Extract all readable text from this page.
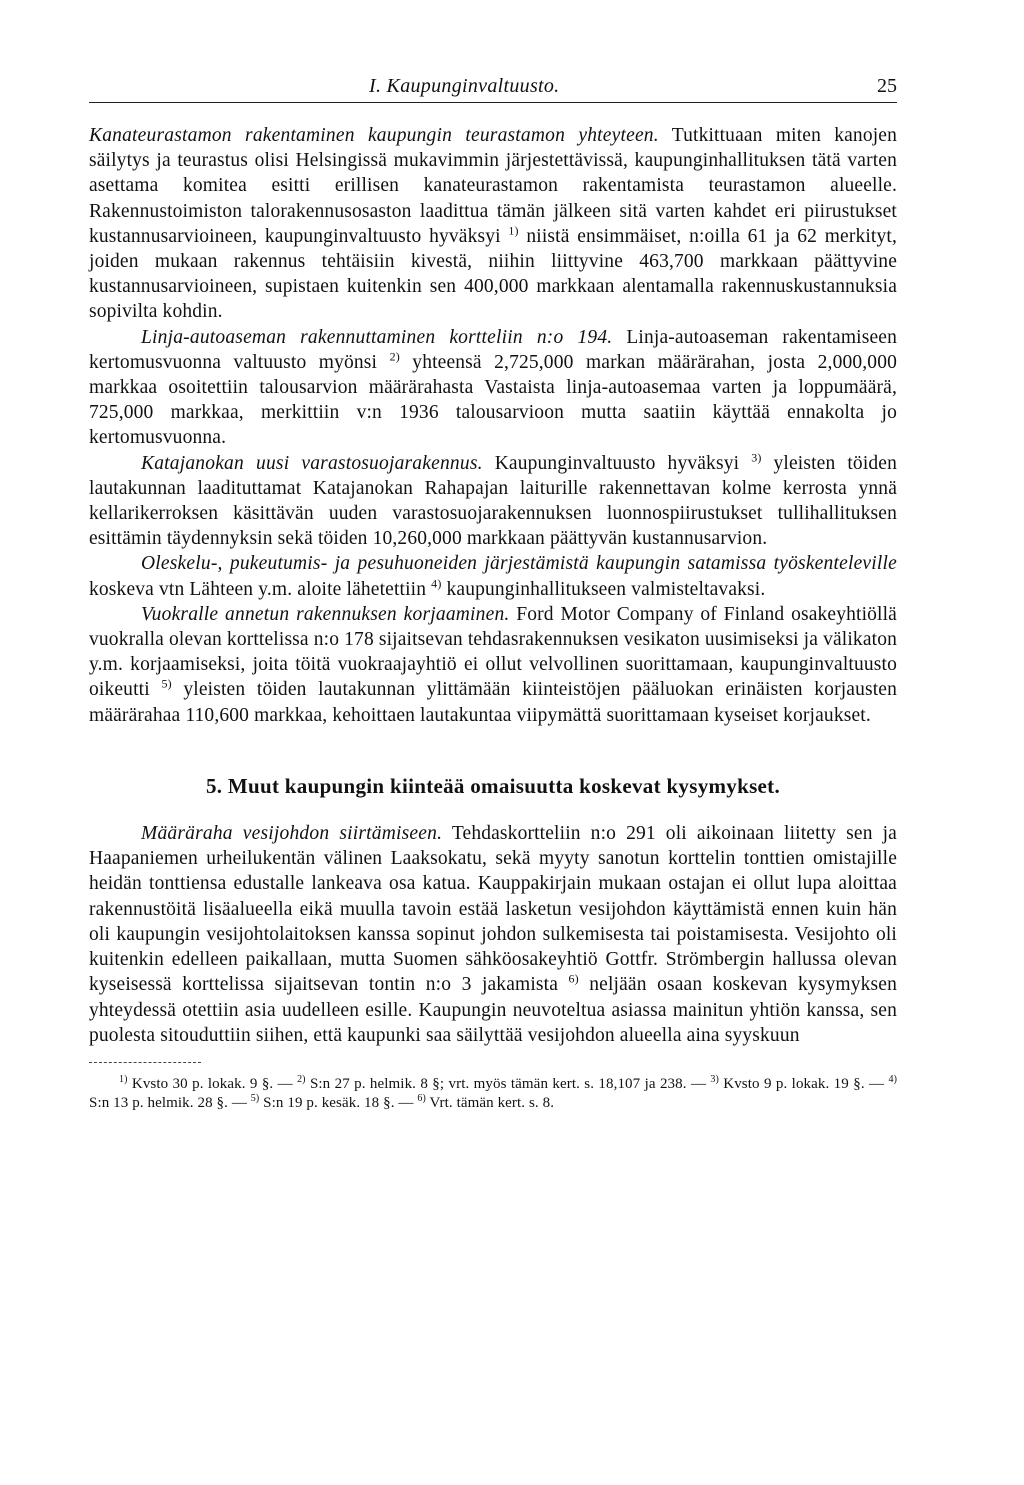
I. Kaupunginvaltuusto.	25

Kanateurastamon rakentaminen kaupungin teurastamon yhteyteen. Tutkittuaan miten kanojen säilytys ja teurastus olisi Helsingissä mukavimmin järjestettävissä, kaupunginhallituksen tätä varten asettama komitea esitti erillisen kanateurastamon rakentamista teurastamon alueelle. Rakennustoimiston talorakennusosaston laadittua tämän jälkeen sitä varten kahdet eri piirustukset kustannusarvioineen, kaupunginvaltuusto hyväksyi $^{1)}$ niistä ensimmäiset, n:oilla 61 ja 62 merkityt, joiden mukaan rakennus tehtäisiin kivestä, niihin liittyvine 463,700 markkaan päättyvine kustannusarvioineen, supistaen kuitenkin sen 400,000 markkaan alentamalla rakennuskustannuksia sopivilta kohdin.

Linja-autoaseman rakennuttaminen kortteliin n:o 194. Linja-autoaseman rakentamiseen kertomusvuonna valtuusto myönsi $^{2)}$ yhteensä 2,725,000 markan määrärahan, josta 2,000,000 markkaa osoitettiin talousarvion määrärahasta Vastaista linja-autoasemaa varten ja loppumäärä, 725,000 markkaa, merkittiin v:n 1936 talousarvioon mutta saatiin käyttää ennakolta jo kertomusvuonna.

Katajanokan uusi varastosuojarakennus. Kaupunginvaltuusto hyväksyi $^{3)}$ yleisten töiden lautakunnan laadituttamat Katajanokan Rahapajan laiturille rakennettavan kolme kerrosta ynnä kellarikerroksen käsittävän uuden varastosuojarakennuksen luonnospiirustukset tullihallituksen esittämin täydennyksin sekä töiden 10,260,000 markkaan päättyvän kustannusarvion.

Oleskelu-, pukeutumis- ja pesuhuoneiden järjestämistä kaupungin satamissa työskenteleville koskeva vtn Lähteen y.m. aloite lähetettiin $^{4)}$ kaupunginhallitukseen valmisteltavaksi.

Vuokralle annetun rakennuksen korjaaminen. Ford Motor Company of Finland osakeyhtiöllä vuokralla olevan korttelissa n:o 178 sijaitsevan tehdasrakennuksen vesikaton uusimiseksi ja välikaton y.m. korjaamiseksi, joita töitä vuokraajayhtiö ei ollut velvollinen suorittamaan, kaupunginvaltuusto oikeutti $^{5)}$ yleisten töiden lautakunnan ylittämään kiinteistöjen pääluokan erinäisten korjausten määrärahaa 110,600 markkaa, kehoittaen lautakuntaa viipymättä suorittamaan kyseiset korjaukset.

5. Muut kaupungin kiinteää omaisuutta koskevat kysymykset.

Määräraha vesijohdon siirtämiseen. Tehdaskortteliin n:o 291 oli aikoinaan liitetty sen ja Haapaniemen urheilukentän välinen Laaksokatu, sekä myyty sanotun korttelin tonttien omistajille heidän tonttiensa edustalle lankeava osa katua. Kauppakirjain mukaan ostajan ei ollut lupa aloittaa rakennustöitä lisäalueella eikä muulla tavoin estää lasketun vesijohdon käyttämistä ennen kuin hän oli kaupungin vesijohtolaitoksen kanssa sopinut johdon sulkemisesta tai poistamisesta. Vesijohto oli kuitenkin edelleen paikallaan, mutta Suomen sähköosakeyhtiö Gottfr. Strömbergin hallussa olevan kyseisessä korttelissa sijaitsevan tontin n:o 3 jakamista $^{6)}$ neljään osaan koskevan kysymyksen yhteydessä otettiin asia uudelleen esille. Kaupungin neuvoteltua asiassa mainitun yhtiön kanssa, sen puolesta sitouduttiin siihen, että kaupunki saa säilyttää vesijohdon alueella aina syyskuun

$^{1)}$ Kvsto 30 p. lokak. 9 §. — $^{2)}$ S:n 27 p. helmik. 8 §; vrt. myös tämän kert. s. 18,107 ja 238. — $^{3)}$ Kvsto 9 p. lokak. 19 §. — $^{4)}$ S:n 13 p. helmik. 28 §. — $^{5)}$ S:n 19 p. kesäk. 18 §. — $^{6)}$ Vrt. tämän kert. s. 8.
